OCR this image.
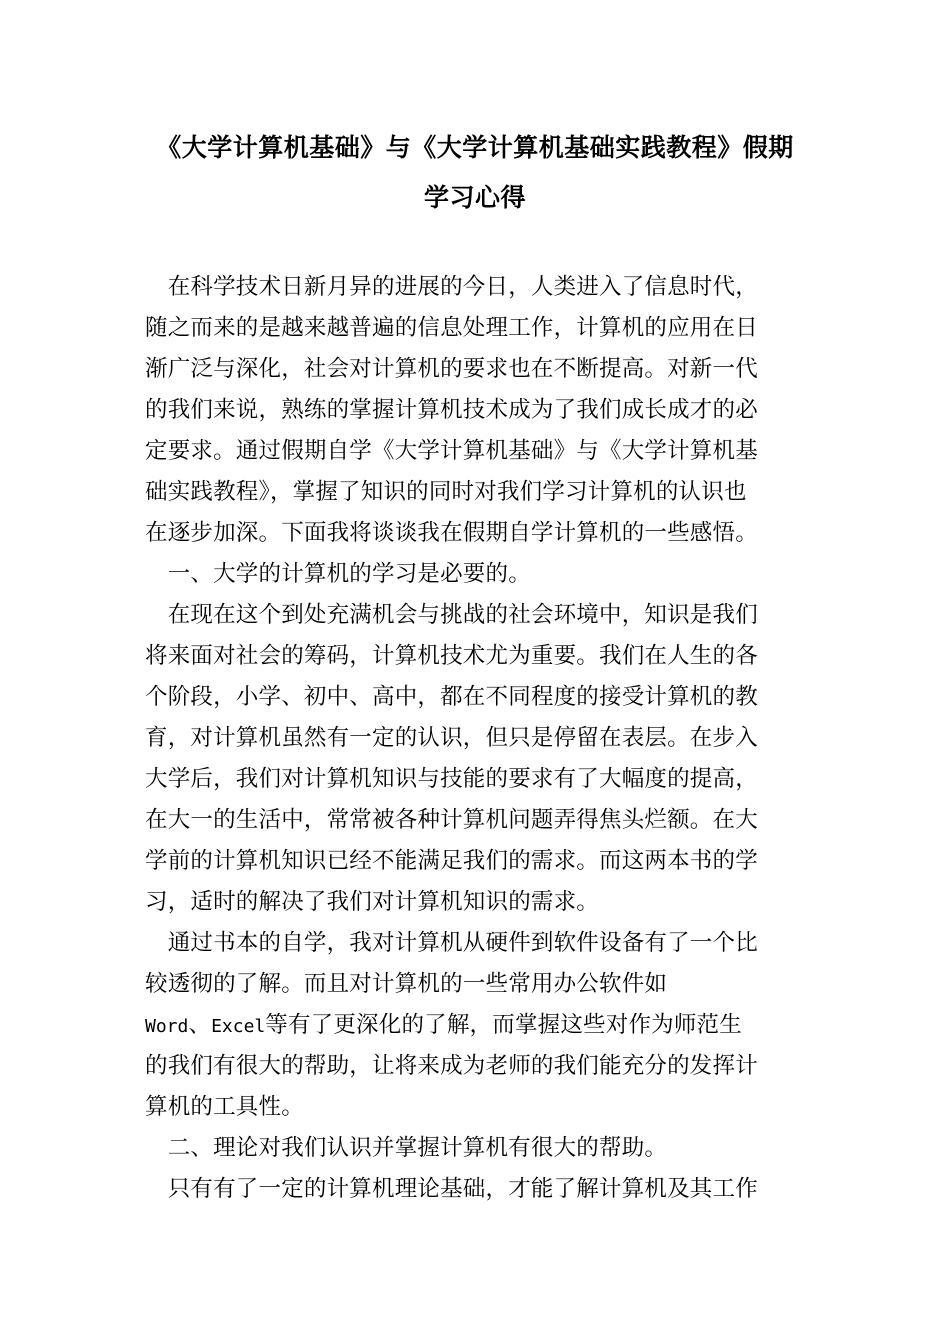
《大学计算机基础》与《大学计算机基础实践教程》假期
学习心得
　在科学技术日新月异的进展的今日，人类进入了信息时代，
随之而来的是越来越普遍的信息处理工作，计算机的应用在日
渐广泛与深化，社会对计算机的要求也在不断提高。对新一代
的我们来说，熟练的掌握计算机技术成为了我们成长成才的必
定要求。通过假期自学《大学计算机基础》与《大学计算机基
础实践教程》，掌握了知识的同时对我们学习计算机的认识也
在逐步加深。下面我将谈谈我在假期自学计算机的一些感悟。
　一、大学的计算机的学习是必要的。
　在现在这个到处充满机会与挑战的社会环境中，知识是我们
将来面对社会的筹码，计算机技术尤为重要。我们在人生的各
个阶段，小学、初中、高中，都在不同程度的接受计算机的教
育，对计算机虽然有一定的认识，但只是停留在表层。在步入
大学后，我们对计算机知识与技能的要求有了大幅度的提高，
在大一的生活中，常常被各种计算机问题弄得焦头烂额。在大
学前的计算机知识已经不能满足我们的需求。而这两本书的学
习，适时的解决了我们对计算机知识的需求。
　通过书本的自学，我对计算机从硬件到软件设备有了一个比
较透彻的了解。而且对计算机的一些常用办公软件如
Word、Excel等有了更深化的了解，而掌握这些对作为师范生
的我们有很大的帮助，让将来成为老师的我们能充分的发挥计
算机的工具性。
　二、理论对我们认识并掌握计算机有很大的帮助。
　只有有了一定的计算机理论基础，才能了解计算机及其工作
